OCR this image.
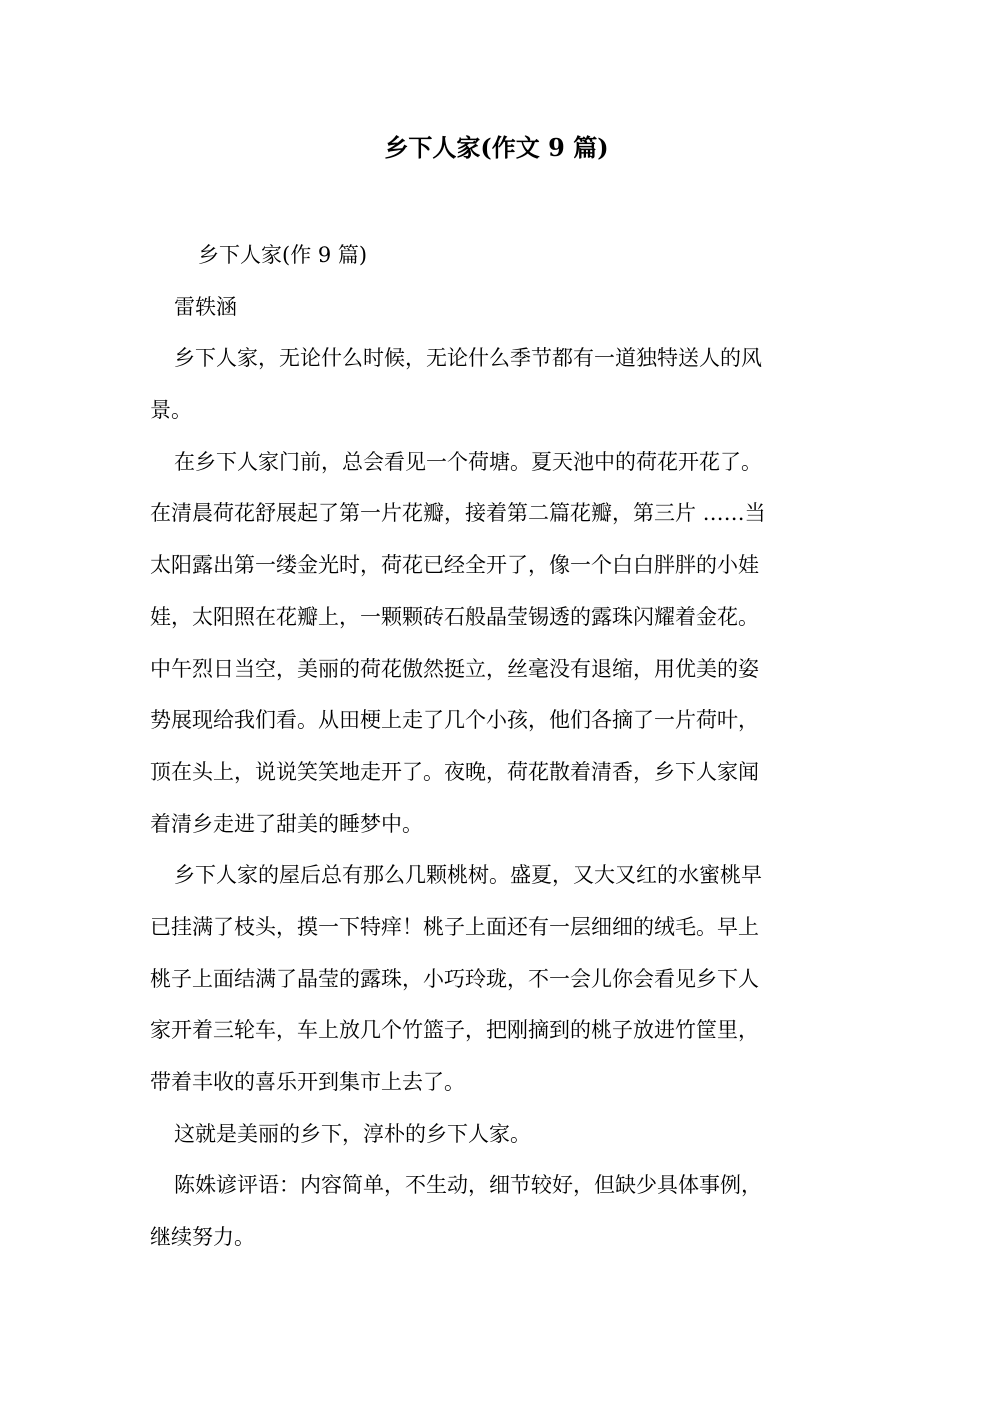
乡下人家(作文 9 篇)

乡下人家(作 9 篇)

雷轶涵

乡下人家，无论什么时候，无论什么季节都有一道独特送人的风

景。

在乡下人家门前，总会看见一个荷塘。夏天池中的荷花开花了。

在清晨荷花舒展起了第一片花瓣，接着第二篇花瓣，第三片 ……当

太阳露出第一缕金光时，荷花已经全开了，像一个白白胖胖的小娃

娃，太阳照在花瓣上，一颗颗砖石般晶莹锡透的露珠闪耀着金花。

中午烈日当空，美丽的荷花傲然挺立，丝毫没有退缩，用优美的姿

势展现给我们看。从田梗上走了几个小孩，他们各摘了一片荷叶，

顶在头上，说说笑笑地走开了。夜晚，荷花散着清香，乡下人家闻

着清乡走进了甜美的睡梦中。

乡下人家的屋后总有那么几颗桃树。盛夏，又大又红的水蜜桃早

已挂满了枝头，摸一下特痒！桃子上面还有一层细细的绒毛。早上

桃子上面结满了晶莹的露珠，小巧玲珑，不一会儿你会看见乡下人

家开着三轮车，车上放几个竹篮子，把刚摘到的桃子放进竹筐里，

带着丰收的喜乐开到集市上去了。

这就是美丽的乡下，淳朴的乡下人家。

陈姝谚评语：内容简单，不生动，细节较好，但缺少具体事例，

继续努力。
